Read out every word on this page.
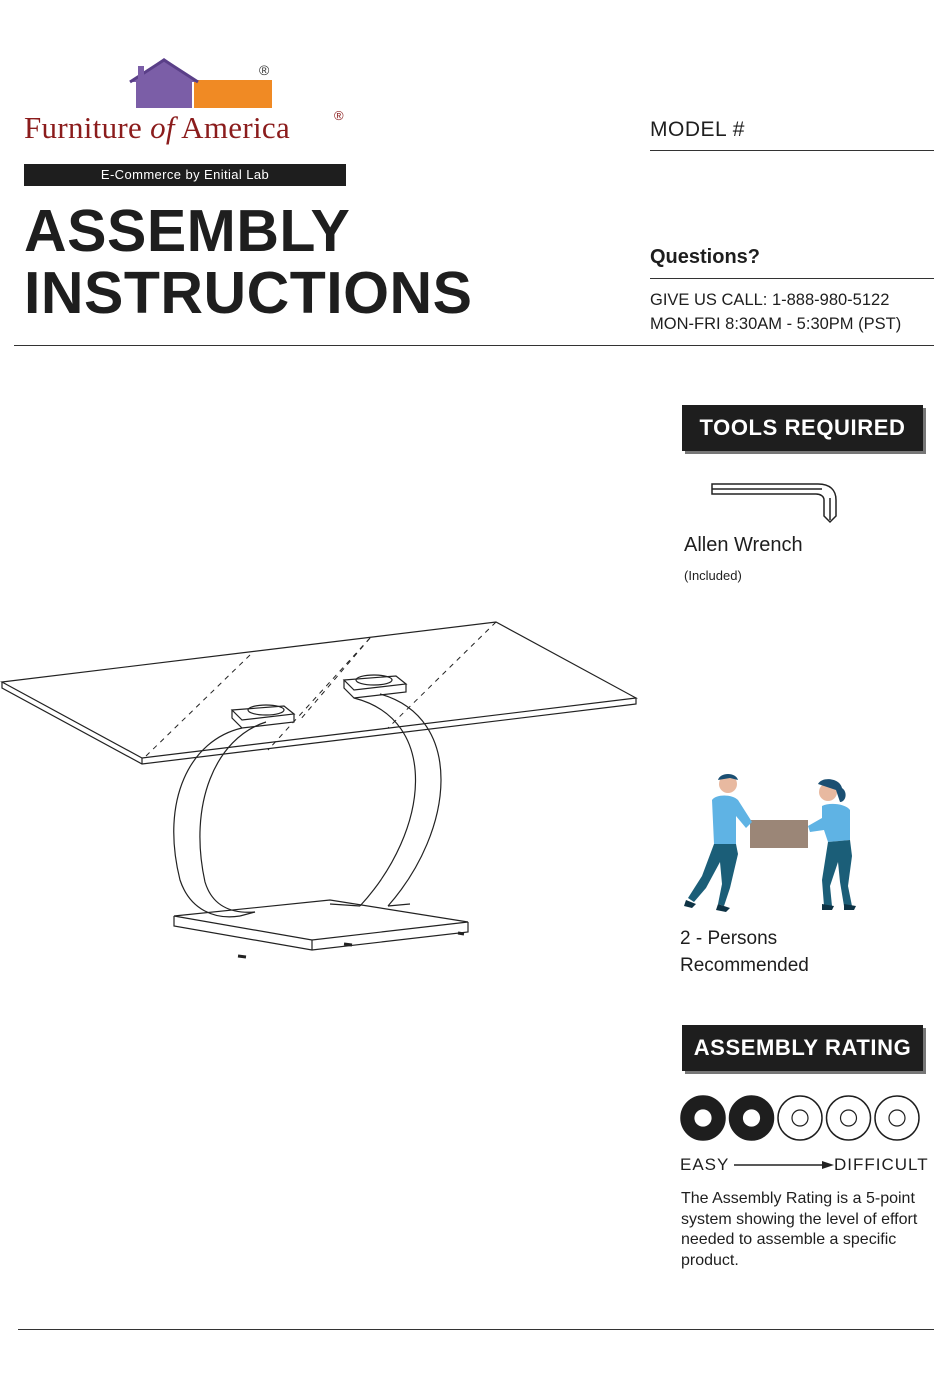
®
Furniture of America	®
E-Commerce by Enitial Lab
ASSEMBLY
INSTRUCTIONS
MODEL #
Questions?
GIVE US CALL: 1-888-980-5122
MON-FRI 8:30AM - 5:30PM (PST)
TOOLS REQUIRED
Allen Wrench
(Included)
2 - Persons
Recommended
ASSEMBLY RATING
EASY	DIFFICULT
The Assembly Rating is a 5-point system showing the level of effort needed to assemble a specific product.
